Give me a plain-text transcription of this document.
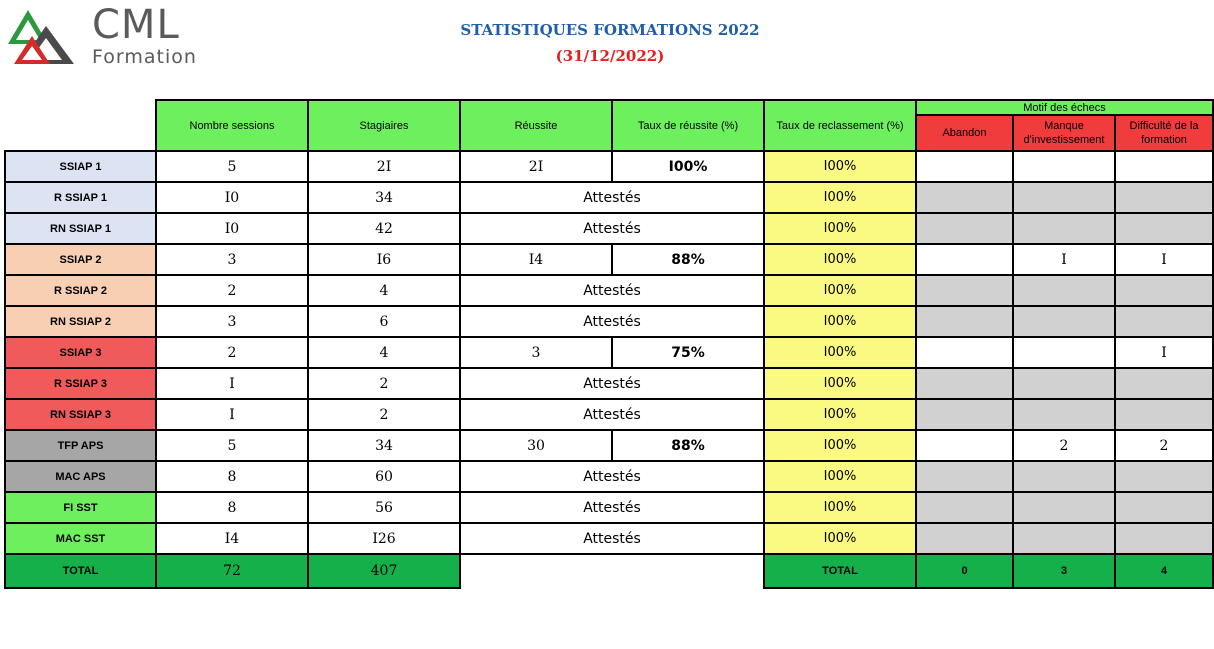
CML
Formation
STATISTIQUES FORMATIONS 2022
(31/12/2022)
	Nombre sessions	Stagiaires	Réussite	Taux de réussite (%)	Taux de reclassement (%)	Motif des échecs		
						Abandon	Manque d'investissement	Difficulté de la formation
SSIAP 1	5	2I	2I	I00%	I00%			
R SSIAP 1	I0	34	Attestés		I00%			
RN SSIAP 1	I0	42	Attestés		I00%			
SSIAP 2	3	I6	I4	88%	I00%		I	I
R SSIAP 2	2	4	Attestés		I00%			
RN SSIAP 2	3	6	Attestés		I00%			
SSIAP 3	2	4	3	75%	I00%			I
R SSIAP 3	I	2	Attestés		I00%			
RN SSIAP 3	I	2	Attestés		I00%			
TFP APS	5	34	30	88%	I00%		2	2
MAC APS	8	60	Attestés		I00%			
FI SST	8	56	Attestés		I00%			
MAC SST	I4	I26	Attestés		I00%			
TOTAL	72	407			TOTAL	0	3	4
